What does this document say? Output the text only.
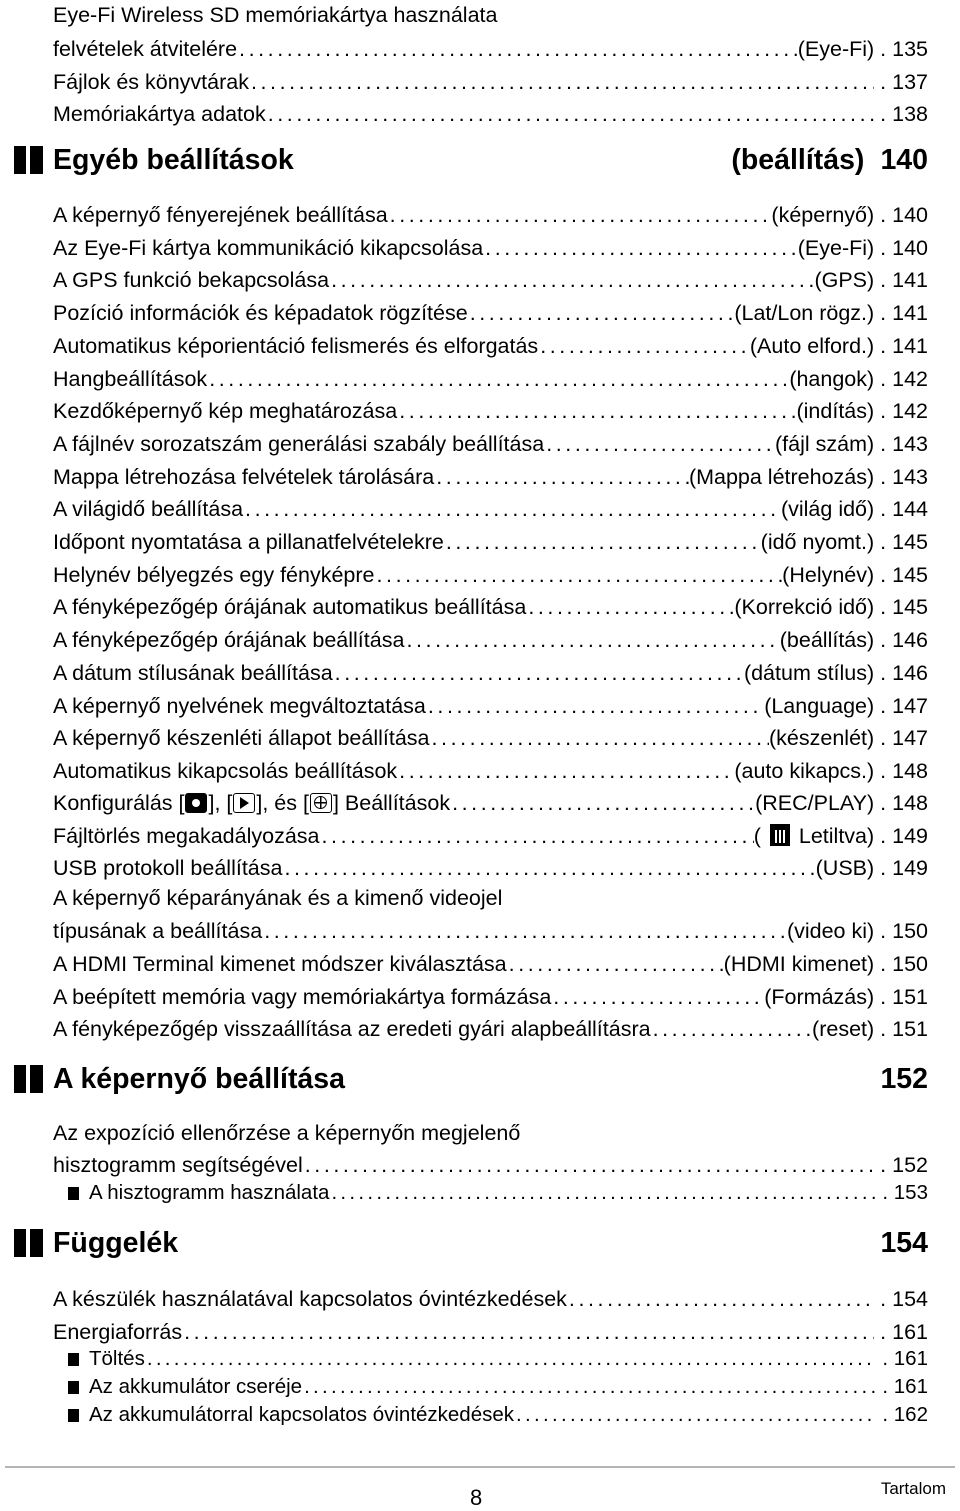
Eye-Fi Wireless SD memóriakártya használata
felvételek átvitelére . . .	(Eye-Fi) . 135
Fájlok és könyvtárak . . .	. 137
Memóriakártya adatok . . .	. 138
Egyéb beállítások	(beállítás) 140
A képernyő fényerejének beállítása . . .	(képernyő) . 140
Az Eye-Fi kártya kommunikáció kikapcsolása . . .	(Eye-Fi) . 140
A GPS funkció bekapcsolása . . .	(GPS) . 141
Pozíció információk és képadatok rögzítése . . .	(Lat/Lon rögz.) . 141
Automatikus képorientáció felismerés és elforgatás . . .	(Auto elford.) . 141
Hangbeállítások . . .	(hangok) . 142
Kezdőképernyő kép meghatározása . . .	(indítás) . 142
A fájlnév sorozatszám generálási szabály beállítása . . .	(fájl szám) . 143
Mappa létrehozása felvételek tárolására . . .	(Mappa létrehozás) . 143
A világidő beállítása . . .	(világ idő) . 144
Időpont nyomtatása a pillanatfelvételekre . . .	(idő nyomt.) . 145
Helynév bélyegzés egy fényképre . . .	(Helynév) . 145
A fényképezőgép órájának automatikus beállítása . . .	(Korrekció idő) . 145
A fényképezőgép órájának beállítása . . .	(beállítás) . 146
A dátum stílusának beállítása . . .	(dátum stílus) . 146
A képernyő nyelvének megváltoztatása . . .	(Language) . 147
A képernyő készenléti állapot beállítása . . .	(készenlét) . 147
Automatikus kikapcsolás beállítások . . .	(auto kikapcs.) . 148
Konfigurálás [ ], [ ], és [ ] Beállítások . . .	(REC/PLAY) . 148
Fájltörlés megakadályozása . . .	( Letiltva) . 149
USB protokoll beállítása . . .	(USB) . 149
A képernyő képarányának és a kimenő videojel
típusának a beállítása . . .	(video ki) . 150
A HDMI Terminal kimenet módszer kiválasztása . . .	(HDMI kimenet) . 150
A beépített memória vagy memóriakártya formázása . . .	(Formázás) . 151
A fényképezőgép visszaállítása az eredeti gyári alapbeállításra . . .	(reset) . 151
A képernyő beállítása	152
Az expozíció ellenőrzése a képernyőn megjelenő
hisztogramm segítségével . . .	. 152
A hisztogramm használata . . .	. 153
Függelék	154
A készülék használatával kapcsolatos óvintézkedések . . .	. 154
Energiaforrás . . .	. 161
Töltés . . .	. 161
Az akkumulátor cseréje . . .	. 161
Az akkumulátorral kapcsolatos óvintézkedések . . .	. 162
8	Tartalom
